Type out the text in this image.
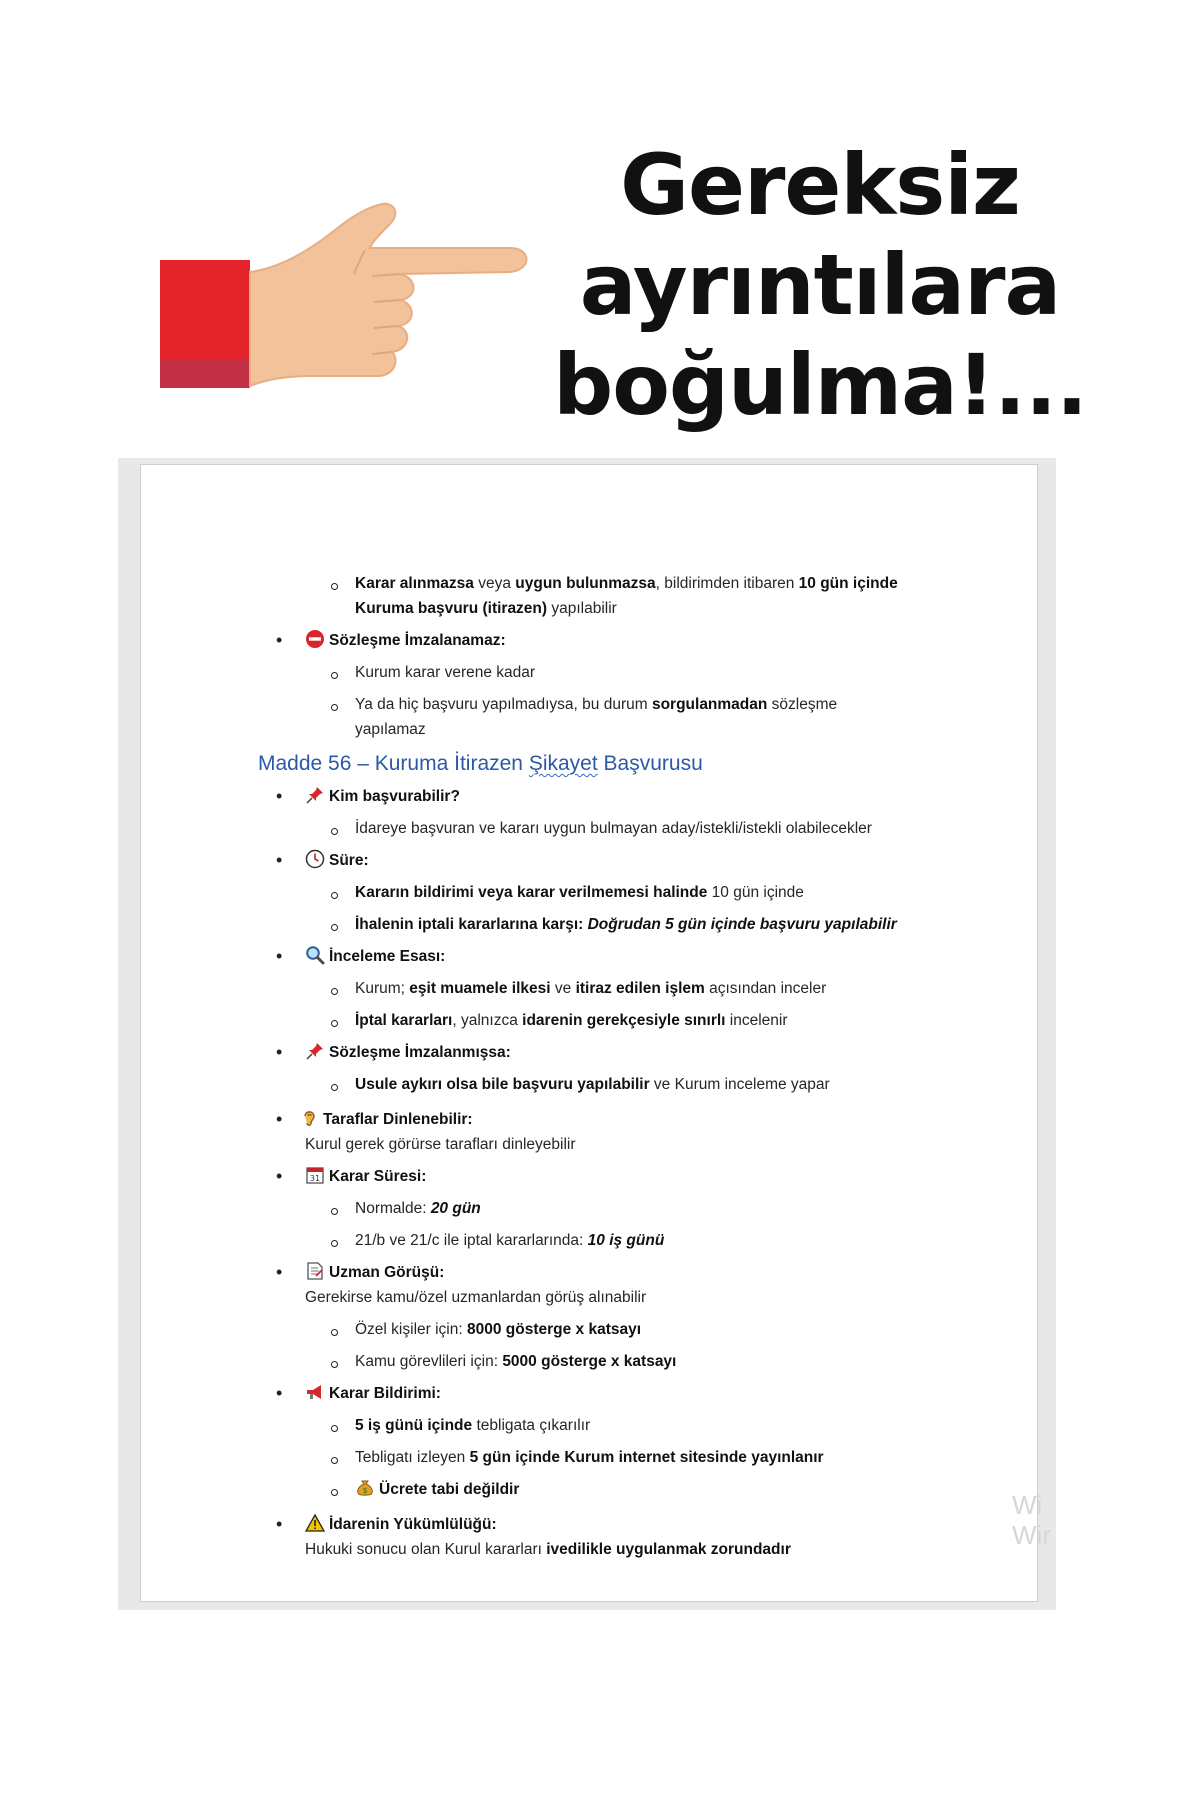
Gereksiz
ayrıntılara
boğulma!...
Karar alınmazsa veya uygun bulunmazsa, bildirimden itibaren 10 gün içinde
Kuruma başvuru (itirazen) yapılabilir
• Sözleşme İmzalanamaz:
Kurum karar verene kadar
Ya da hiç başvuru yapılmadıysa, bu durum sorgulanmadan sözleşme
yapılamaz
Madde 56 – Kuruma İtirazen Şikayet Başvurusu
• Kim başvurabilir?
İdareye başvuran ve kararı uygun bulmayan aday/istekli/istekli olabilecekler
• Süre:
Kararın bildirimi veya karar verilmemesi halinde 10 gün içinde
İhalenin iptali kararlarına karşı: Doğrudan 5 gün içinde başvuru yapılabilir
• İnceleme Esası:
Kurum; eşit muamele ilkesi ve itiraz edilen işlem açısından inceler
İptal kararları, yalnızca idarenin gerekçesiyle sınırlı incelenir
• Sözleşme İmzalanmışsa:
Usule aykırı olsa bile başvuru yapılabilir ve Kurum inceleme yapar
• Taraflar Dinlenebilir:
Kurul gerek görürse tarafları dinleyebilir
• 31 Karar Süresi:
Normalde: 20 gün
21/b ve 21/c ile iptal kararlarında: 10 iş günü
• Uzman Görüşü:
Gerekirse kamu/özel uzmanlardan görüş alınabilir
Özel kişiler için: 8000 gösterge x katsayı
Kamu görevlileri için: 5000 gösterge x katsayı
• Karar Bildirimi:
5 iş günü içinde tebligata çıkarılır
Tebligatı izleyen 5 gün içinde Kurum internet sitesinde yayınlanır
$ Ücrete tabi değildir
• İdarenin Yükümlülüğü:
Hukuki sonucu olan Kurul kararları ivedilikle uygulanmak zorundadır
Wi
Wir
